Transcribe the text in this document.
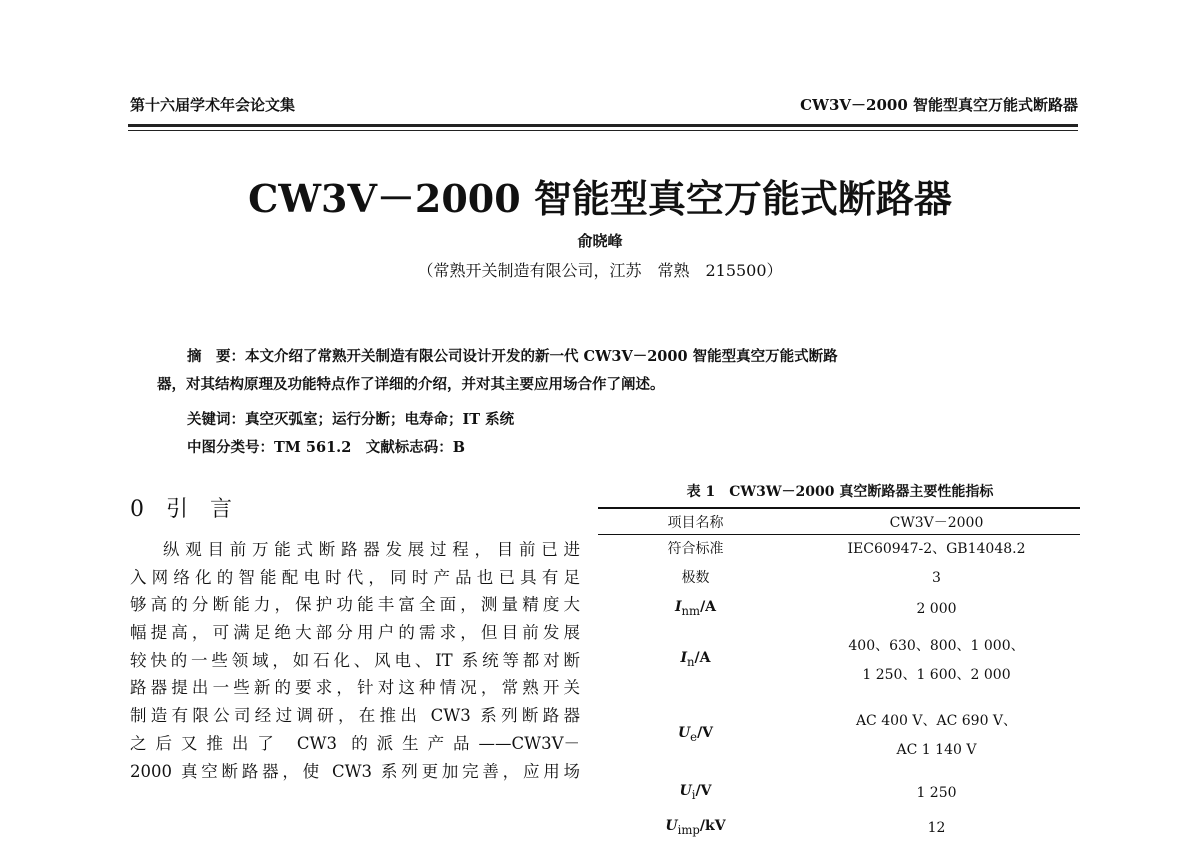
第十六届学术年会论文集	CW3V－2000 智能型真空万能式断路器
CW3V－2000 智能型真空万能式断路器
俞晓峰
（常熟开关制造有限公司，江苏　常熟　215500）
摘　要：本文介绍了常熟开关制造有限公司设计开发的新一代 CW3V－2000 智能型真空万能式断路
器，对其结构原理及功能特点作了详细的介绍，并对其主要应用场合作了阐述。
关键词：真空灭弧室；运行分断；电寿命；IT 系统
中图分类号：TM 561.2　文献标志码：B
0　引　言
纵观目前万能式断路器发展过程，目前已进
入网络化的智能配电时代，同时产品也已具有足
够高的分断能力，保护功能丰富全面，测量精度大
幅提高，可满足绝大部分用户的需求，但目前发展
较快的一些领域，如石化、风电、IT 系统等都对断
路器提出一些新的要求，针对这种情况，常熟开关
制造有限公司经过调研，在推出 CW3 系列断路器
之后又推出了 CW3 的派生产品——CW3V－
2000 真空断路器，使 CW3 系列更加完善，应用场
表 1　CW3W－2000 真空断路器主要性能指标
项目名称	CW3V－2000
符合标准	IEC60947-2、GB14048.2
极数	3
$I_{nm}/A$	2 000
$I_n/A$	400、630、800、1 000、
1 250、1 600、2 000

$U_e/V$	AC 400 V、AC 690 V、
AC 1 140 V

$U_i/V$	1 250
$U_{imp}/kV$	12
